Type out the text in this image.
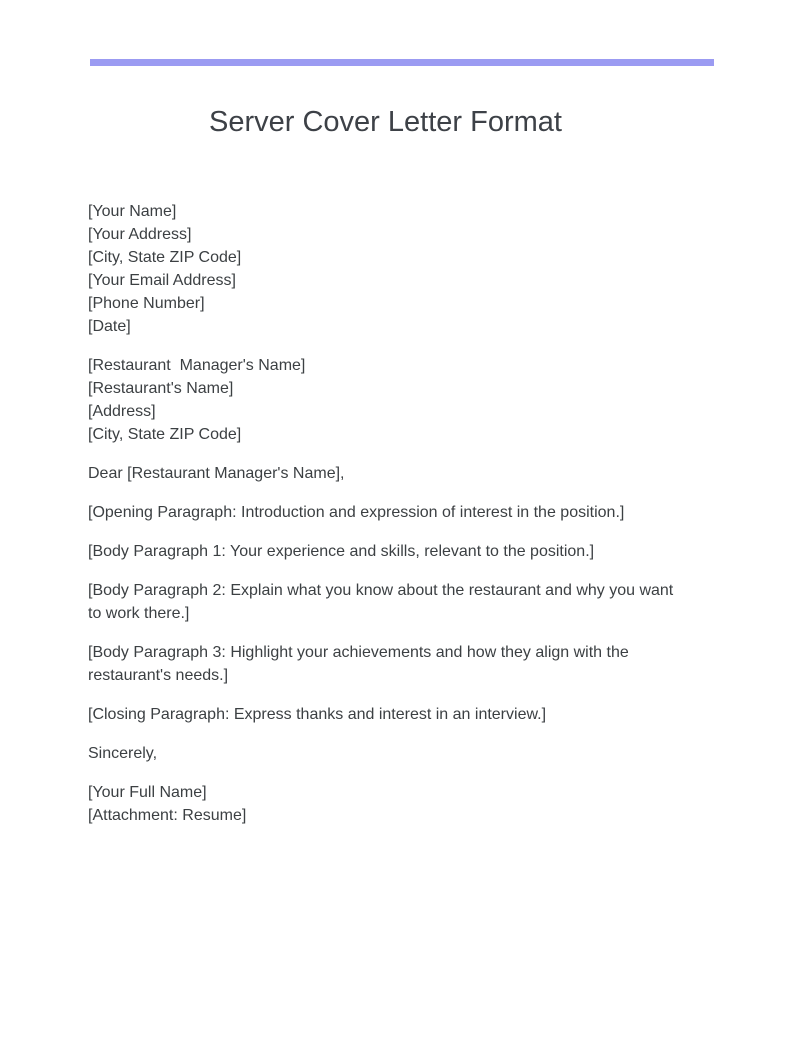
Server Cover Letter Format
[Your Name]
[Your Address]
[City, State ZIP Code]
[Your Email Address]
[Phone Number]
[Date]
[Restaurant  Manager's Name]
[Restaurant's Name]
[Address]
[City, State ZIP Code]

Dear [Restaurant Manager's Name],

[Opening Paragraph: Introduction and expression of interest in the position.]

[Body Paragraph 1: Your experience and skills, relevant to the position.]

[Body Paragraph 2: Explain what you know about the restaurant and why you want to work there.]

[Body Paragraph 3: Highlight your achievements and how they align with the restaurant's needs.]

[Closing Paragraph: Express thanks and interest in an interview.]

Sincerely,

[Your Full Name]
[Attachment: Resume]
